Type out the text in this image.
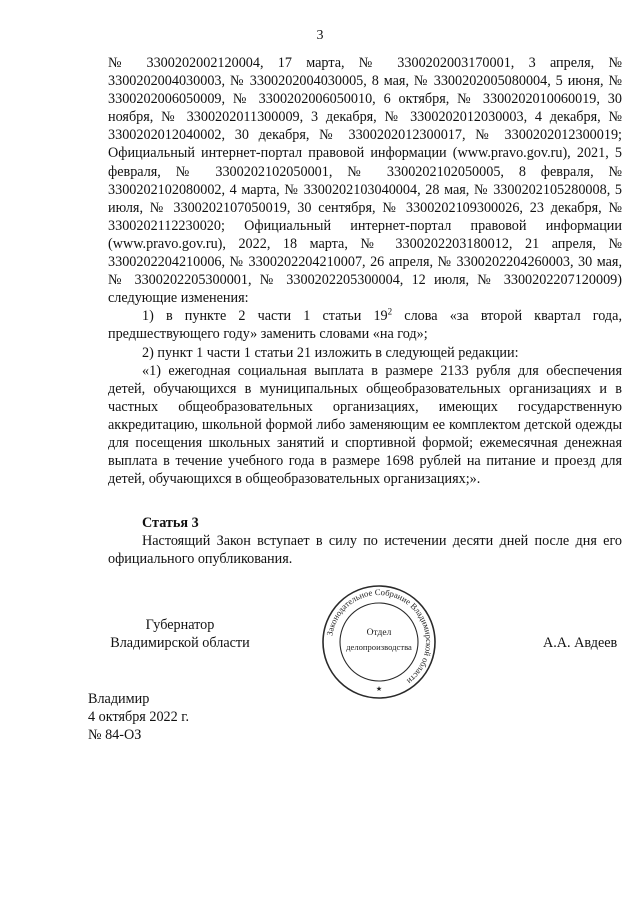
3

№ 3300202002120004, 17 марта, № 3300202003170001, 3 апреля, № 3300202004030003, № 3300202004030005, 8 мая, № 3300202005080004, 5 июня, № 3300202006050009, № 3300202006050010, 6 октября, № 3300202010060019, 30 ноября, № 3300202011300009, 3 декабря, № 3300202012030003, 4 декабря, № 3300202012040002, 30 декабря, № 3300202012300017, № 3300202012300019; Официальный интернет-портал правовой информации (www.pravo.gov.ru), 2021, 5 февраля, № 3300202102050001, № 3300202102050005, 8 февраля, № 3300202102080002, 4 марта, № 3300202103040004, 28 мая, № 3300202105280008, 5 июля, № 3300202107050019, 30 сентября, № 3300202109300026, 23 декабря, № 3300202112230020; Официальный интернет-портал правовой информации (www.pravo.gov.ru), 2022, 18 марта, № 3300202203180012, 21 апреля, № 3300202204210006, № 3300202204210007, 26 апреля, № 3300202204260003, 30 мая, № 3300202205300001, № 3300202205300004, 12 июля, № 3300202207120009) следующие изменения:

1) в пункте 2 части 1 статьи $19^2$ слова «за второй квартал года, предшествующего году» заменить словами «на год»;

2) пункт 1 части 1 статьи 21 изложить в следующей редакции:

«1) ежегодная социальная выплата в размере 2133 рубля для обеспечения детей, обучающихся в муниципальных общеобразовательных организациях и в частных общеобразовательных организациях, имеющих государственную аккредитацию, школьной формой либо заменяющим ее комплектом детской одежды для посещения школьных занятий и спортивной формой; ежемесячная денежная выплата в течение учебного года в размере 1698 рублей на питание и проезд для детей, обучающихся в общеобразовательных организациях;».

Статья 3

Настоящий Закон вступает в силу по истечении десяти дней после дня его официального опубликования.

Губернатор
Владимирской области
Законодательное Собрание Владимирской области
Отдел
делопроизводства
★
А.А. Авдеев
Владимир
4 октября 2022 г.
№ 84-ОЗ
